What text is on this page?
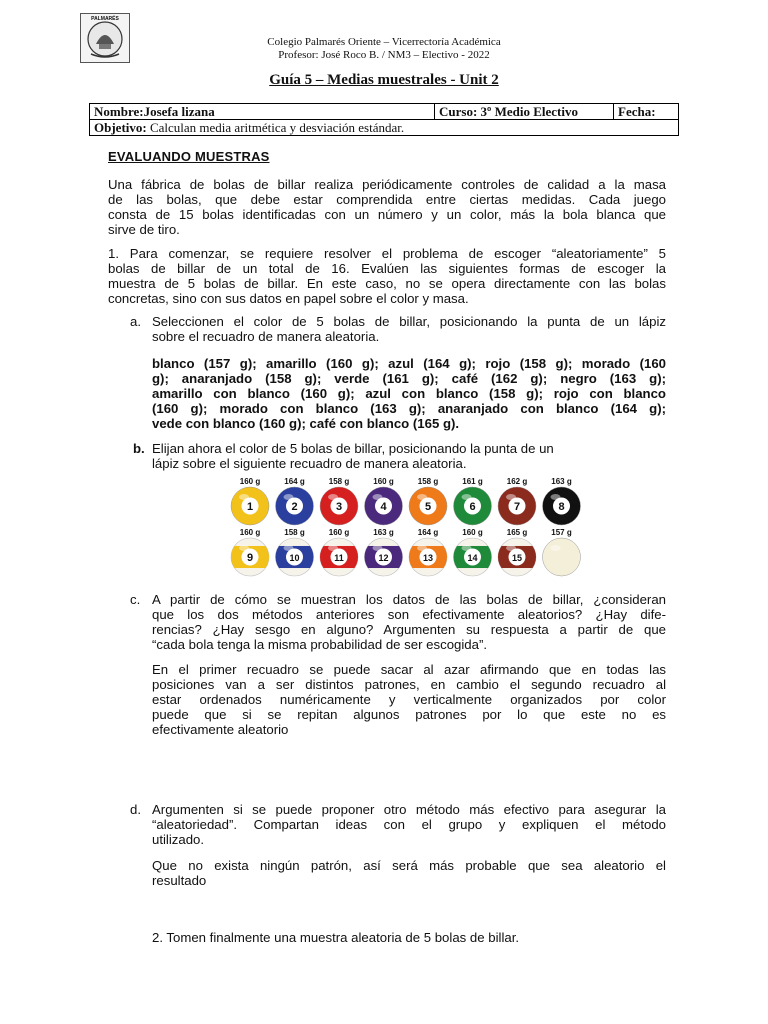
PALMARÉS
Colegio Palmarés Oriente – Vicerrectoría Académica
Profesor: José Roco B. / NM3 – Electivo - 2022
Guía 5 – Medias muestrales - Unit 2
Nombre:Josefa lizana	Curso: 3º Medio Electivo	Fecha:
Objetivo: Calculan media aritmética y desviación estándar.
EVALUANDO MUESTRAS
Una fábrica de bolas de billar realiza periódicamente controles de calidad a la masa
de las bolas, que debe estar comprendida entre ciertas medidas. Cada juego
consta de 15 bolas identificadas con un número y un color, más la bola blanca que
sirve de tiro.
1. Para comenzar, se requiere resolver el problema de escoger “aleatoriamente” 5
bolas de billar de un total de 16. Evalúen las siguientes formas de escoger la
muestra de 5 bolas de billar. En este caso, no se opera directamente con las bolas
concretas, sino con sus datos en papel sobre el color y masa.
a. Seleccionen el color de 5 bolas de billar, posicionando la punta de un lápiz
sobre el recuadro de manera aleatoria.
blanco (157 g); amarillo (160 g); azul (164 g); rojo (158 g); morado (160
g); anaranjado (158 g); verde (161 g); café (162 g); negro (163 g);
amarillo con blanco (160 g); azul con blanco (158 g); rojo con blanco
(160 g); morado con blanco (163 g); anaranjado con blanco (164 g);
vede con blanco (160 g); café con blanco (165 g).
b. Elijan ahora el color de 5 bolas de billar, posicionando la punta de un
lápiz sobre el siguiente recuadro de manera aleatoria.
160 g
1
164 g
2
158 g
3
160 g
4
158 g
5
161 g
6
162 g
7
163 g
8
160 g
9
158 g
10
160 g
11
163 g
12
164 g
13
160 g
14
165 g
15
157 g
c. A partir de cómo se muestran los datos de las bolas de billar, ¿consideran
que los dos métodos anteriores son efectivamente aleatorios? ¿Hay dife-
rencias? ¿Hay sesgo en alguno? Argumenten su respuesta a partir de que
“cada bola tenga la misma probabilidad de ser escogida”.
En el primer recuadro se puede sacar al azar afirmando que en todas las
posiciones van a ser distintos patrones, en cambio el segundo recuadro al
estar ordenados numéricamente y verticalmente organizados por color
puede que si se repitan algunos patrones por lo que este no es
efectivamente aleatorio
d. Argumenten si se puede proponer otro método más efectivo para asegurar la
“aleatoriedad”. Compartan ideas con el grupo y expliquen el método
utilizado.
Que no exista ningún patrón, así será más probable que sea aleatorio el
resultado
2. Tomen finalmente una muestra aleatoria de 5 bolas de billar.
